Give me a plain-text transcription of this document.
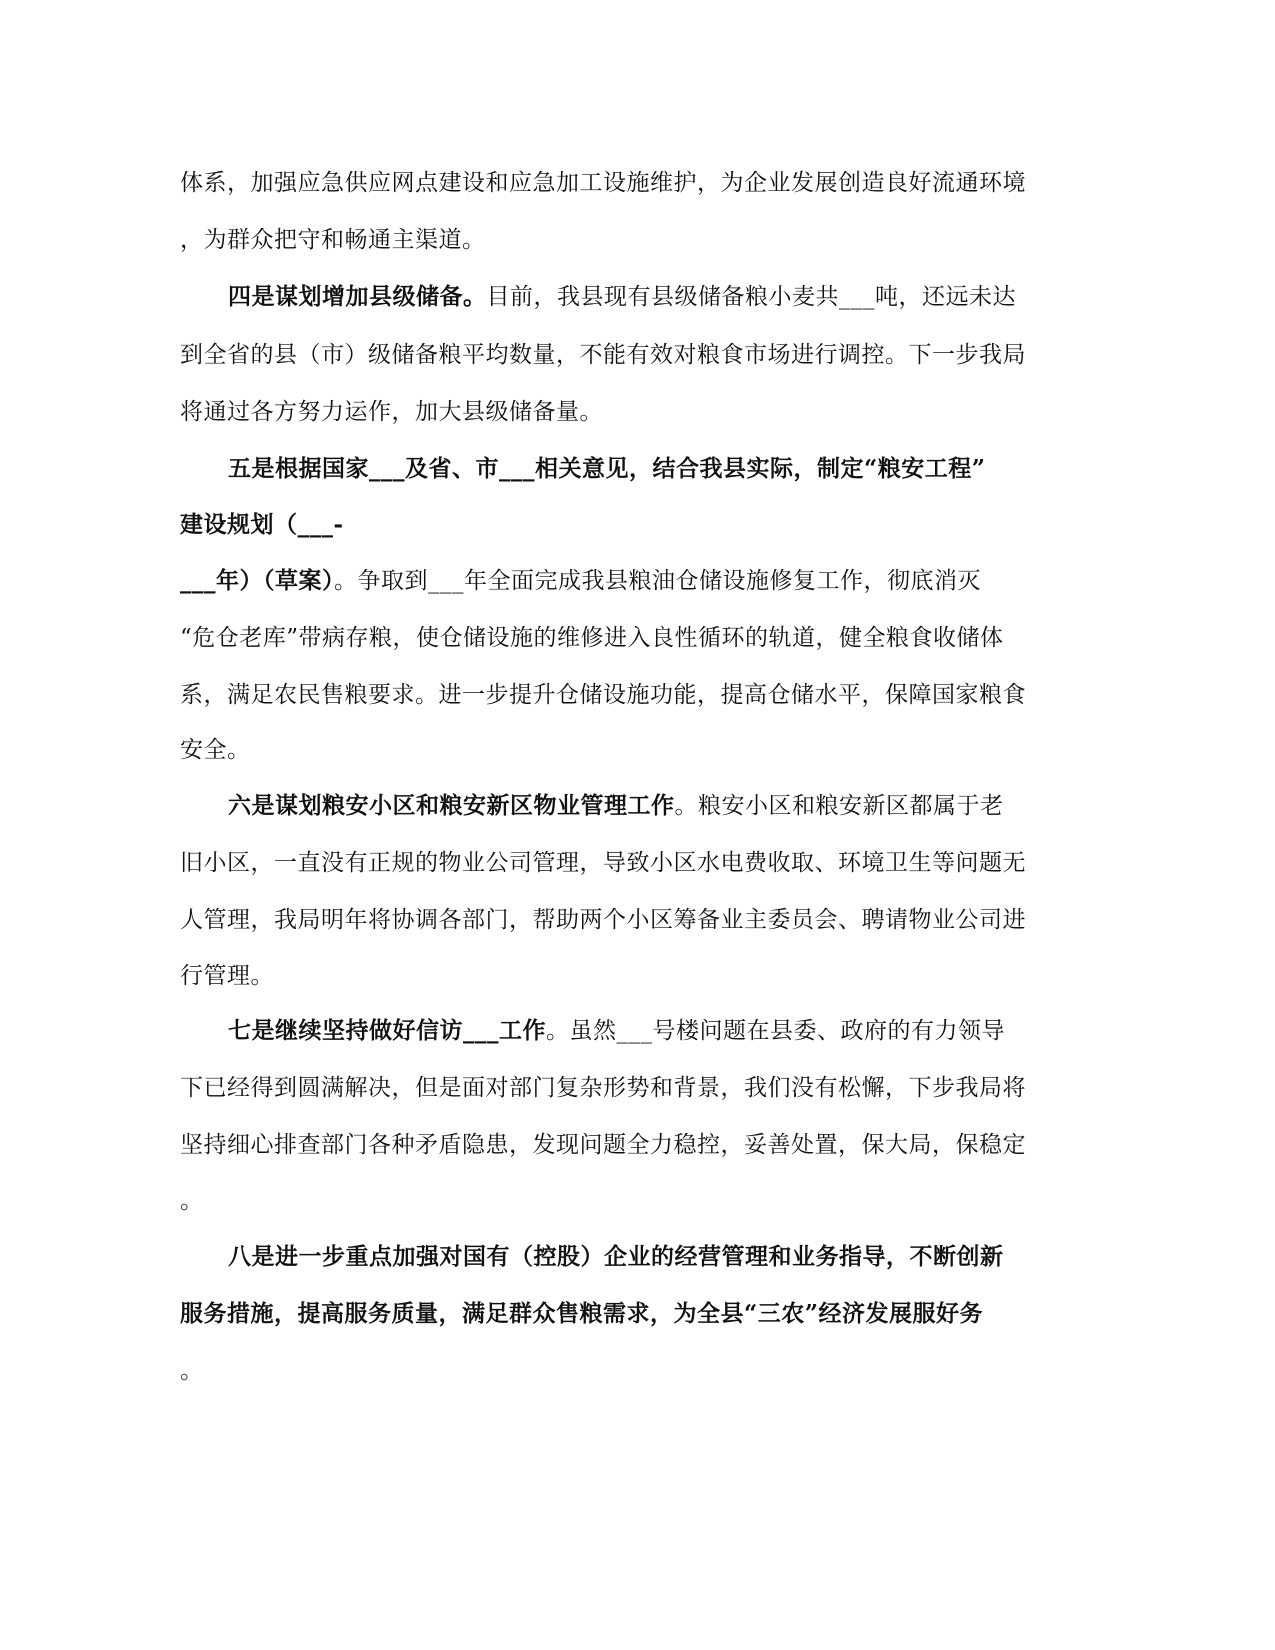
体系，加强应急供应网点建设和应急加工设施维护，为企业发展创造良好流通环境
，为群众把守和畅通主渠道。
四是谋划增加县级储备。目前，我县现有县级储备粮小麦共___吨，还远未达
到全省的县（市）级储备粮平均数量，不能有效对粮食市场进行调控。下一步我局
将通过各方努力运作，加大县级储备量。
五是根据国家___及省、市___相关意见，结合我县实际，制定“粮安工程”
建设规划（___-
___年）（草案）。争取到___年全面完成我县粮油仓储设施修复工作，彻底消灭
“危仓老库”带病存粮，使仓储设施的维修进入良性循环的轨道，健全粮食收储体
系，满足农民售粮要求。进一步提升仓储设施功能，提高仓储水平，保障国家粮食
安全。
六是谋划粮安小区和粮安新区物业管理工作。粮安小区和粮安新区都属于老
旧小区，一直没有正规的物业公司管理，导致小区水电费收取、环境卫生等问题无
人管理，我局明年将协调各部门，帮助两个小区筹备业主委员会、聘请物业公司进
行管理。
七是继续坚持做好信访___工作。虽然___号楼问题在县委、政府的有力领导
下已经得到圆满解决，但是面对部门复杂形势和背景，我们没有松懈，下步我局将
坚持细心排查部门各种矛盾隐患，发现问题全力稳控，妥善处置，保大局，保稳定
。
八是进一步重点加强对国有（控股）企业的经营管理和业务指导，不断创新
服务措施，提高服务质量，满足群众售粮需求，为全县“三农”经济发展服好务
。
